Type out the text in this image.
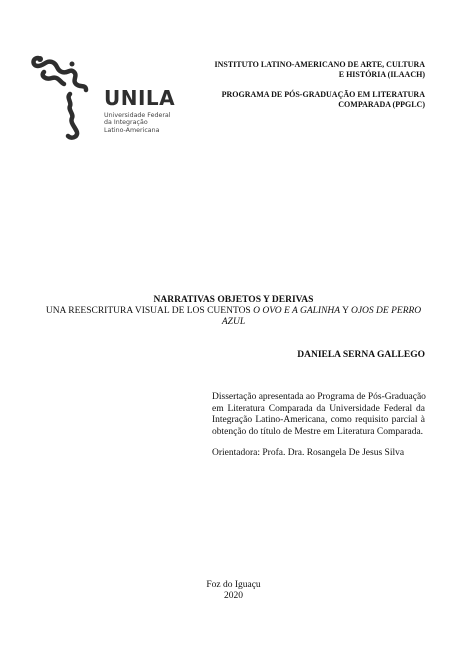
UNILA
Universidade Federal
da Integração
Latino-Americana
INSTITUTO LATINO-AMERICANO DE ARTE, CULTURA
E HISTÓRIA (ILAACH)
PROGRAMA DE PÓS-GRADUAÇÃO EM LITERATURA
COMPARADA (PPGLC)
NARRATIVAS OBJETOS Y DERIVAS
UNA REESCRITURA VISUAL DE LOS CUENTOS O OVO E A GALINHA Y OJOS DE PERRO
AZUL
DANIELA SERNA GALLEGO
Dissertação apresentada ao Programa de Pós-Graduação
em Literatura Comparada da Universidade Federal da
Integração Latino-Americana, como requisito parcial à
obtenção do título de Mestre em Literatura Comparada.
Orientadora: Profa. Dra. Rosangela De Jesus Silva
Foz do Iguaçu
2020
